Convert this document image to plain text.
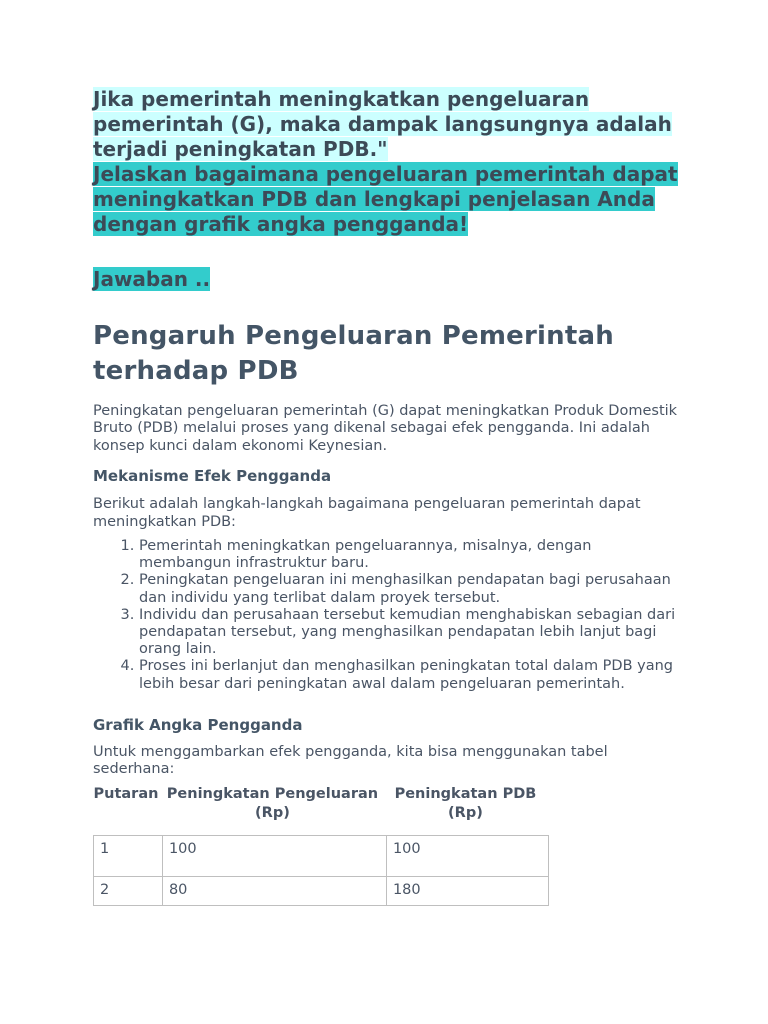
Jika pemerintah meningkatkan pengeluaran
pemerintah (G), maka dampak langsungnya adalah
terjadi peningkatan PDB."

Jelaskan bagaimana pengeluaran pemerintah dapat
meningkatkan PDB dan lengkapi penjelasan Anda
dengan grafik angka pengganda!

Jawaban ..

Pengaruh Pengeluaran Pemerintah
terhadap PDB

Peningkatan pengeluaran pemerintah (G) dapat meningkatkan Produk Domestik Bruto (PDB) melalui proses yang dikenal sebagai efek pengganda. Ini adalah konsep kunci dalam ekonomi Keynesian.

Mekanisme Efek Pengganda

Berikut adalah langkah-langkah bagaimana pengeluaran pemerintah dapat meningkatkan PDB:

1. Pemerintah meningkatkan pengeluarannya, misalnya, dengan membangun infrastruktur baru.
2. Peningkatan pengeluaran ini menghasilkan pendapatan bagi perusahaan dan individu yang terlibat dalam proyek tersebut.
3. Individu dan perusahaan tersebut kemudian menghabiskan sebagian dari pendapatan tersebut, yang menghasilkan pendapatan lebih lanjut bagi orang lain.
4. Proses ini berlanjut dan menghasilkan peningkatan total dalam PDB yang lebih besar dari peningkatan awal dalam pengeluaran pemerintah.
Grafik Angka Pengganda

Untuk menggambarkan efek pengganda, kita bisa menggunakan tabel sederhana:

Putaran	Peningkatan Pengeluaran (Rp)	Peningkatan PDB (Rp)
1	100	100
2	80	180
